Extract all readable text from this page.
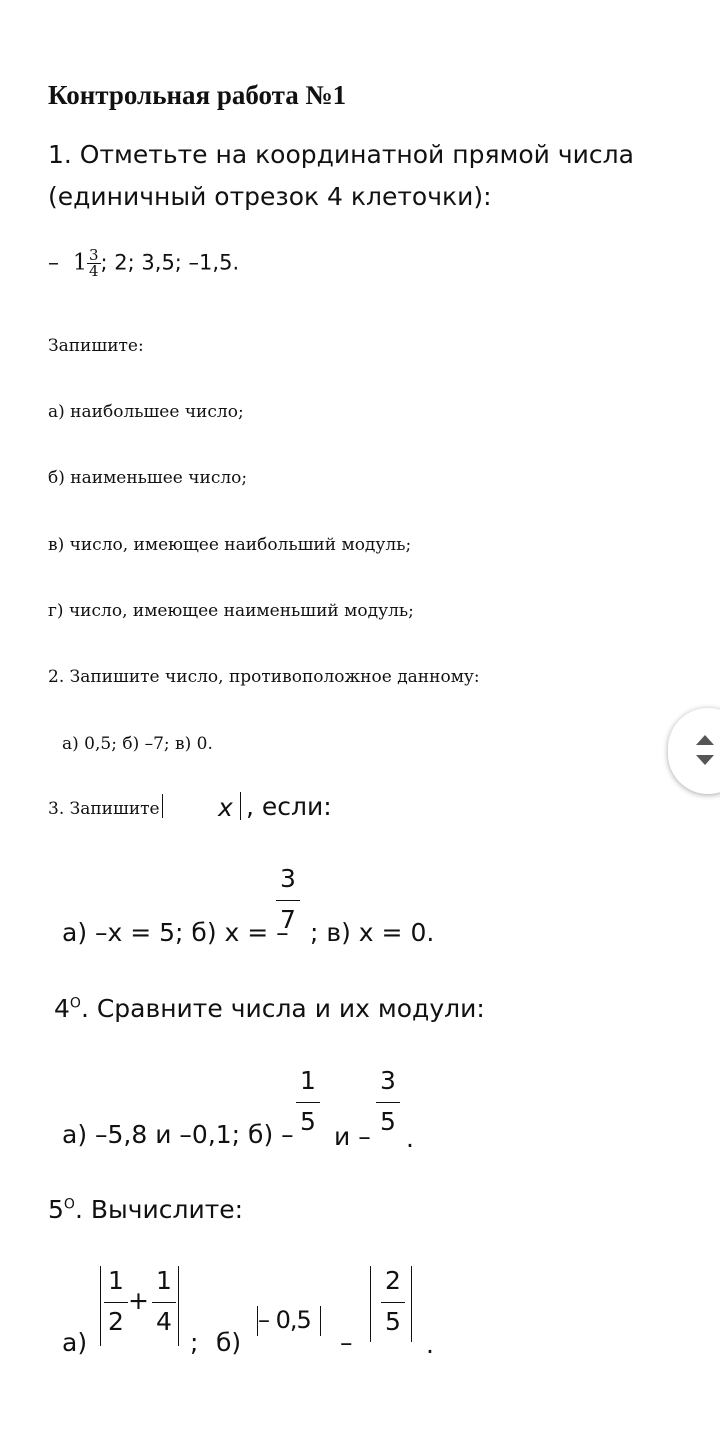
Контрольная работа №1
1. Отметьте на координатной прямой числа
(единичный отрезок 4 клеточки):
– $1 \frac{3}{4}$ ; 2; 3,5; –1,5.
Запишите:
а) наибольшее число;
б) наименьшее число;
в) число, имеющее наибольший модуль;
г) число, имеющее наименьший модуль;
2. Запишите число, противоположное данному:
а) 0,5; б) –7; в) 0.
3. Запишите x , если:
а) –x = 5; б) x = –
3
7 ; в) x = 0.
$4^O$. Сравните числа и их модули:
а) –5,8 и –0,1; б) –
1
5
и –
3
5
.
$5^O$. Вычислите:
а)
1
2
+
1
4
; б)
– 0,5
–
2
5
.
